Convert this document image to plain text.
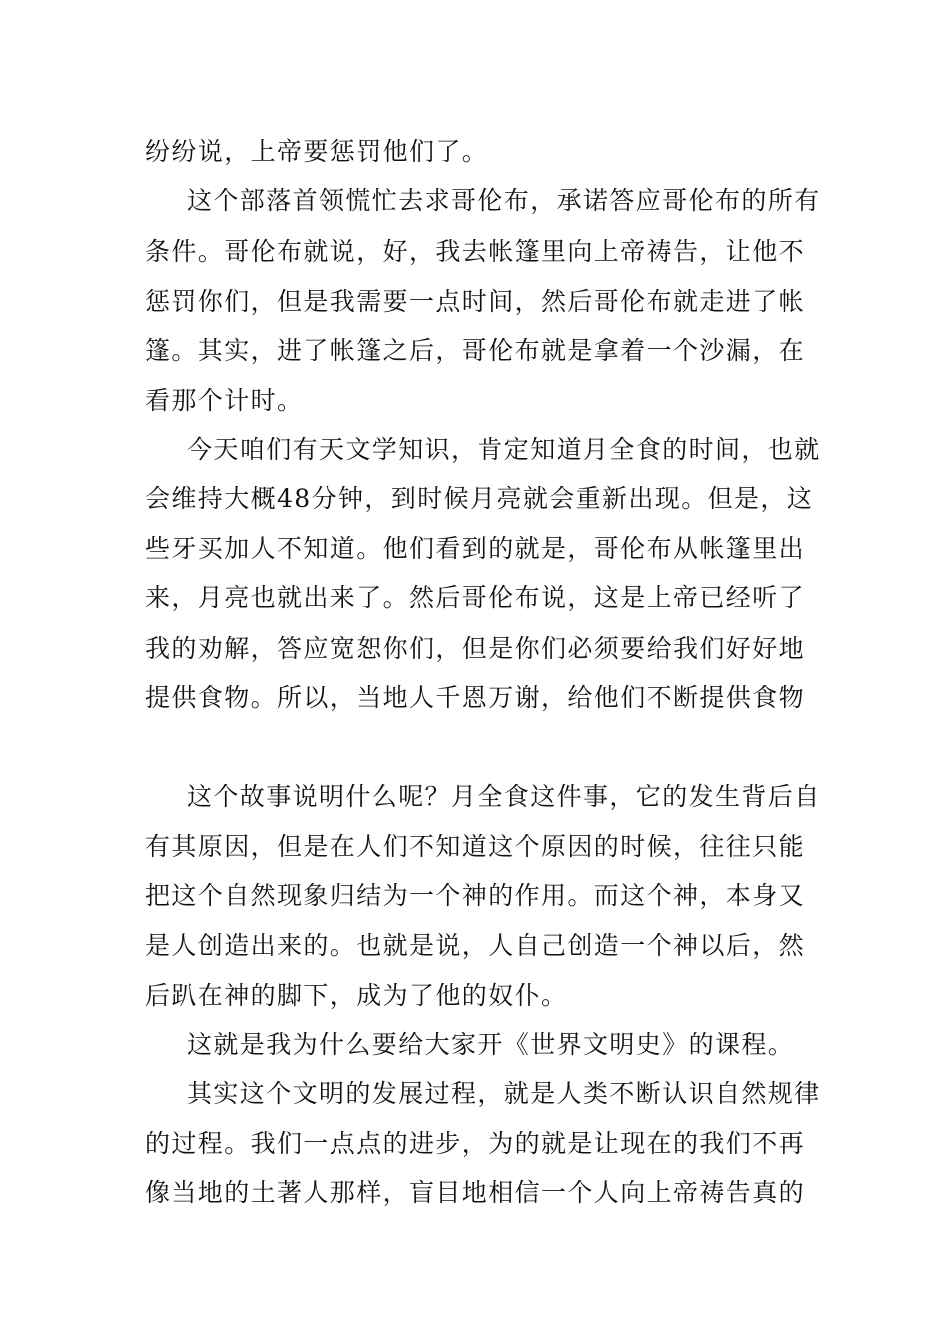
纷纷说，上帝要惩罚他们了。
这个部落首领慌忙去求哥伦布，承诺答应哥伦布的所有
条件。哥伦布就说，好，我去帐篷里向上帝祷告，让他不
惩罚你们，但是我需要一点时间，然后哥伦布就走进了帐
篷。其实，进了帐篷之后，哥伦布就是拿着一个沙漏，在
看那个计时。
今天咱们有天文学知识，肯定知道月全食的时间，也就
会维持大概48分钟，到时候月亮就会重新出现。但是，这
些牙买加人不知道。他们看到的就是，哥伦布从帐篷里出
来，月亮也就出来了。然后哥伦布说，这是上帝已经听了
我的劝解，答应宽恕你们，但是你们必须要给我们好好地
提供食物。所以，当地人千恩万谢，给他们不断提供食物
这个故事说明什么呢？月全食这件事，它的发生背后自
有其原因，但是在人们不知道这个原因的时候，往往只能
把这个自然现象归结为一个神的作用。而这个神，本身又
是人创造出来的。也就是说，人自己创造一个神以后，然
后趴在神的脚下，成为了他的奴仆。
这就是我为什么要给大家开《世界文明史》的课程。
其实这个文明的发展过程，就是人类不断认识自然规律
的过程。我们一点点的进步，为的就是让现在的我们不再
像当地的土著人那样，盲目地相信一个人向上帝祷告真的
